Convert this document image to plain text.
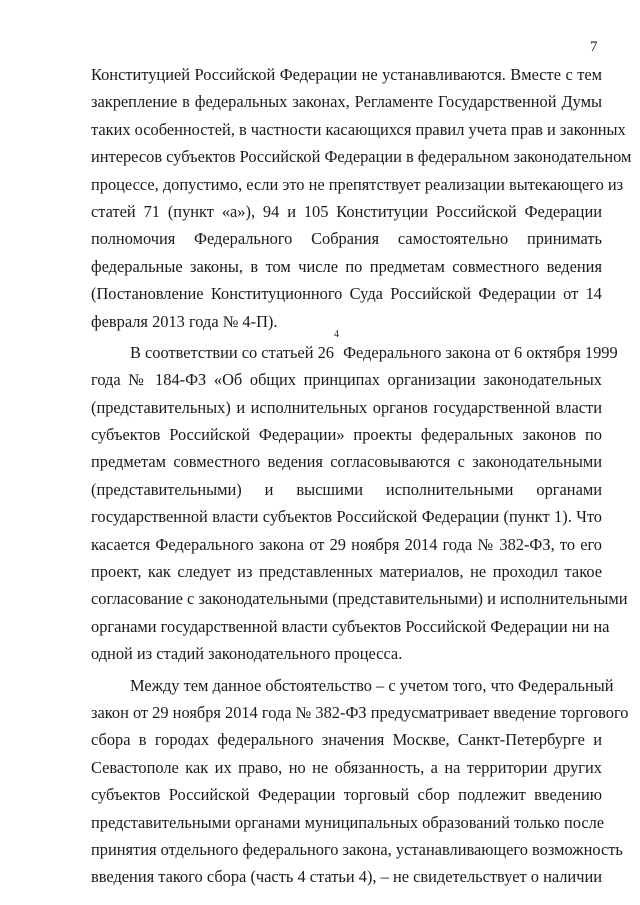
7
Конституцией Российской Федерации не устанавливаются. Вместе с тем
закрепление в федеральных законах, Регламенте Государственной Думы
таких особенностей, в частности касающихся правил учета прав и законных
интересов субъектов Российской Федерации в федеральном законодательном
процессе, допустимо, если это не препятствует реализации вытекающего из
статей 71 (пункт «а»), 94 и 105 Конституции Российской Федерации
полномочия Федерального Собрания самостоятельно принимать
федеральные законы, в том числе по предметам совместного ведения
(Постановление Конституционного Суда Российской Федерации от 14
февраля 2013 года № 4-П).
В соответствии со статьей $26^4$ Федерального закона от 6 октября 1999
года № 184-ФЗ «Об общих принципах организации законодательных
(представительных) и исполнительных органов государственной власти
субъектов Российской Федерации» проекты федеральных законов по
предметам совместного ведения согласовываются с законодательными
(представительными) и высшими исполнительными органами
государственной власти субъектов Российской Федерации (пункт 1). Что
касается Федерального закона от 29 ноября 2014 года № 382-ФЗ, то его
проект, как следует из представленных материалов, не проходил такое
согласование с законодательными (представительными) и исполнительными
органами государственной власти субъектов Российской Федерации ни на
одной из стадий законодательного процесса.
Между тем данное обстоятельство – с учетом того, что Федеральный
закон от 29 ноября 2014 года № 382-ФЗ предусматривает введение торгового
сбора в городах федерального значения Москве, Санкт-Петербурге и
Севастополе как их право, но не обязанность, а на территории других
субъектов Российской Федерации торговый сбор подлежит введению
представительными органами муниципальных образований только после
принятия отдельного федерального закона, устанавливающего возможность
введения такого сбора (часть 4 статьи 4), – не свидетельствует о наличии
